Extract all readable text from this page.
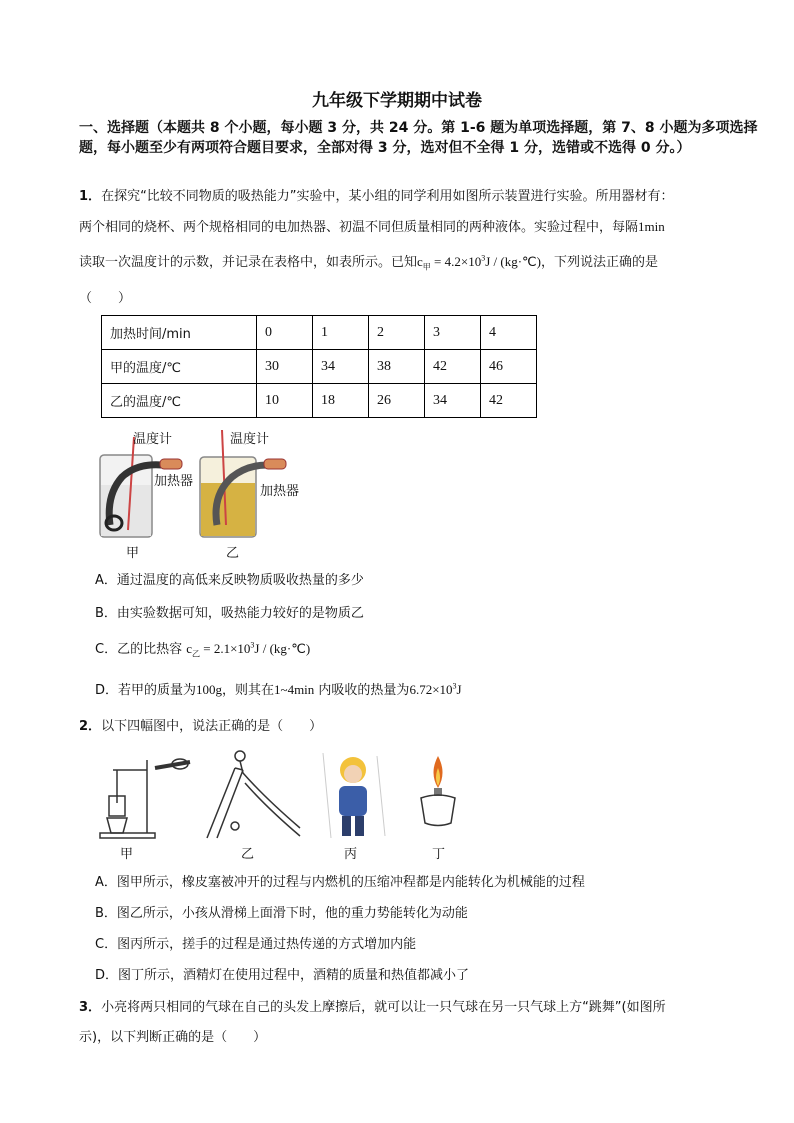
九年级下学期期中试卷
一、选择题（本题共 8 个小题，每小题 3 分，共 24 分。第 1-6 题为单项选择题，第 7、8 小题为多项选择题，每小题至少有两项符合题目要求，全部对得 3 分，选对但不全得 1 分，选错或不选得 0 分。）
1．在探究“比较不同物质的吸热能力”实验中，某小组的同学利用如图所示装置进行实验。所用器材有：
两个相同的烧杯、两个规格相同的电加热器、初温不同但质量相同的两种液体。实验过程中，每隔1min
读取一次温度计的示数，并记录在表格中，如表所示。已知$c_甲 = 4.2\times 10^3J$ / (kg·℃)，下列说法正确的是
（　　）
加热时间/min	0	1	2	3	4
甲的温度/℃	30	34	38	42	46
乙的温度/℃	10	18	26	34	42
温度计
加热器
甲
温度计
加热器
乙
A．通过温度的高低来反映物质吸收热量的多少
B．由实验数据可知，吸热能力较好的是物质乙
C．乙的比热容 $c_乙 = 2.1\times 10^3J$ / (kg·℃)
D．若甲的质量为100g，则其在1~4min 内吸收的热量为$6.72\times 10^3J$
2．以下四幅图中，说法正确的是（　　）
甲	乙	丙	丁
A．图甲所示，橡皮塞被冲开的过程与内燃机的压缩冲程都是内能转化为机械能的过程
B．图乙所示，小孩从滑梯上面滑下时，他的重力势能转化为动能
C．图丙所示，搓手的过程是通过热传递的方式增加内能
D．图丁所示，酒精灯在使用过程中，酒精的质量和热值都减小了
3．小亮将两只相同的气球在自己的头发上摩擦后，就可以让一只气球在另一只气球上方“跳舞”(如图所
示)，以下判断正确的是（　　）
